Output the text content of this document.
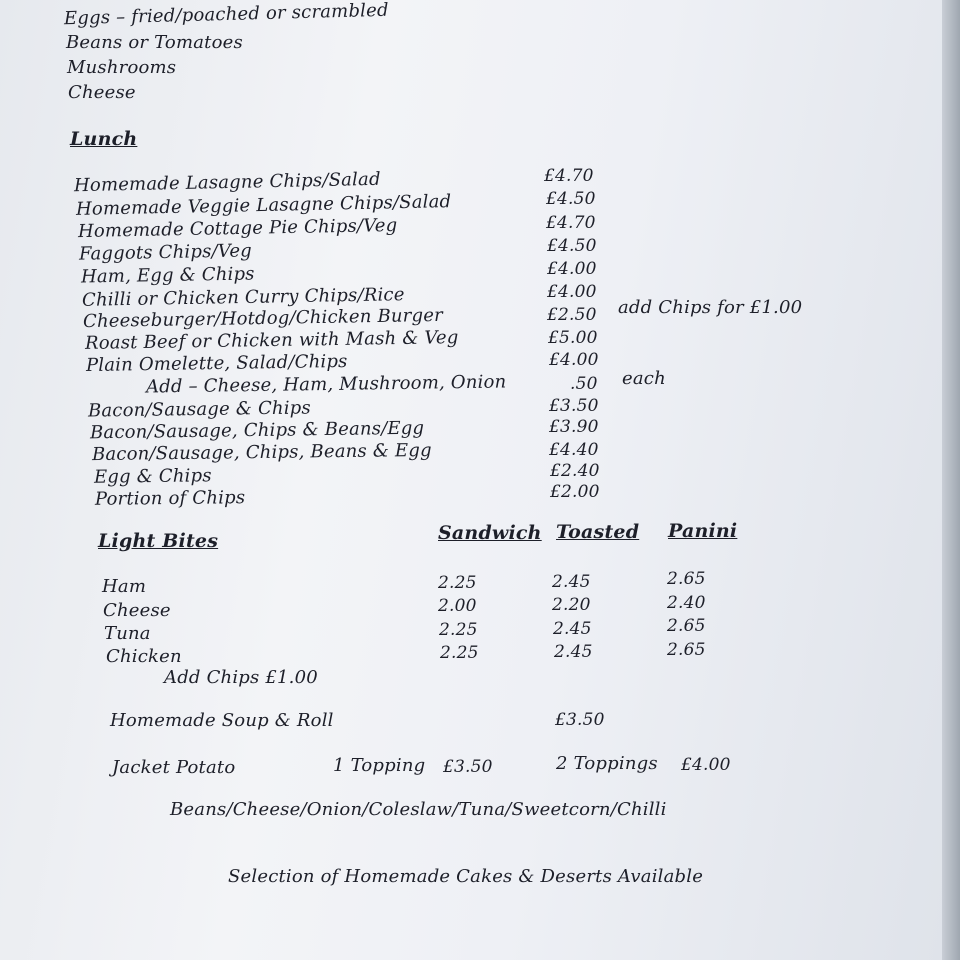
Eggs – fried/poached or scrambled
Beans or Tomatoes
Mushrooms
Cheese
Lunch
Homemade Lasagne Chips/Salad	£4.70
Homemade Veggie Lasagne Chips/Salad	£4.50
Homemade Cottage Pie Chips/Veg	£4.70
Faggots Chips/Veg	£4.50
Ham, Egg & Chips	£4.00
Chilli or Chicken Curry Chips/Rice	£4.00
Cheeseburger/Hotdog/Chicken Burger	£2.50 add Chips for £1.00
Roast Beef or Chicken with Mash & Veg	£5.00
Plain Omelette, Salad/Chips	£4.00
Add – Cheese, Ham, Mushroom, Onion	.50 each
Bacon/Sausage & Chips	£3.50
Bacon/Sausage, Chips & Beans/Egg	£3.90
Bacon/Sausage, Chips, Beans & Egg	£4.40
Egg & Chips	£2.40
Portion of Chips	£2.00
Light Bites	Sandwich Toasted Panini
Ham	2.25	2.45	2.65
Cheese	2.00	2.20	2.40
Tuna	2.25	2.45	2.65
Chicken	2.25	2.45	2.65
Add Chips £1.00
Homemade Soup & Roll	£3.50
Jacket Potato	1 Topping £3.50	2 Toppings £4.00
Beans/Cheese/Onion/Coleslaw/Tuna/Sweetcorn/Chilli
Selection of Homemade Cakes & Deserts Available
